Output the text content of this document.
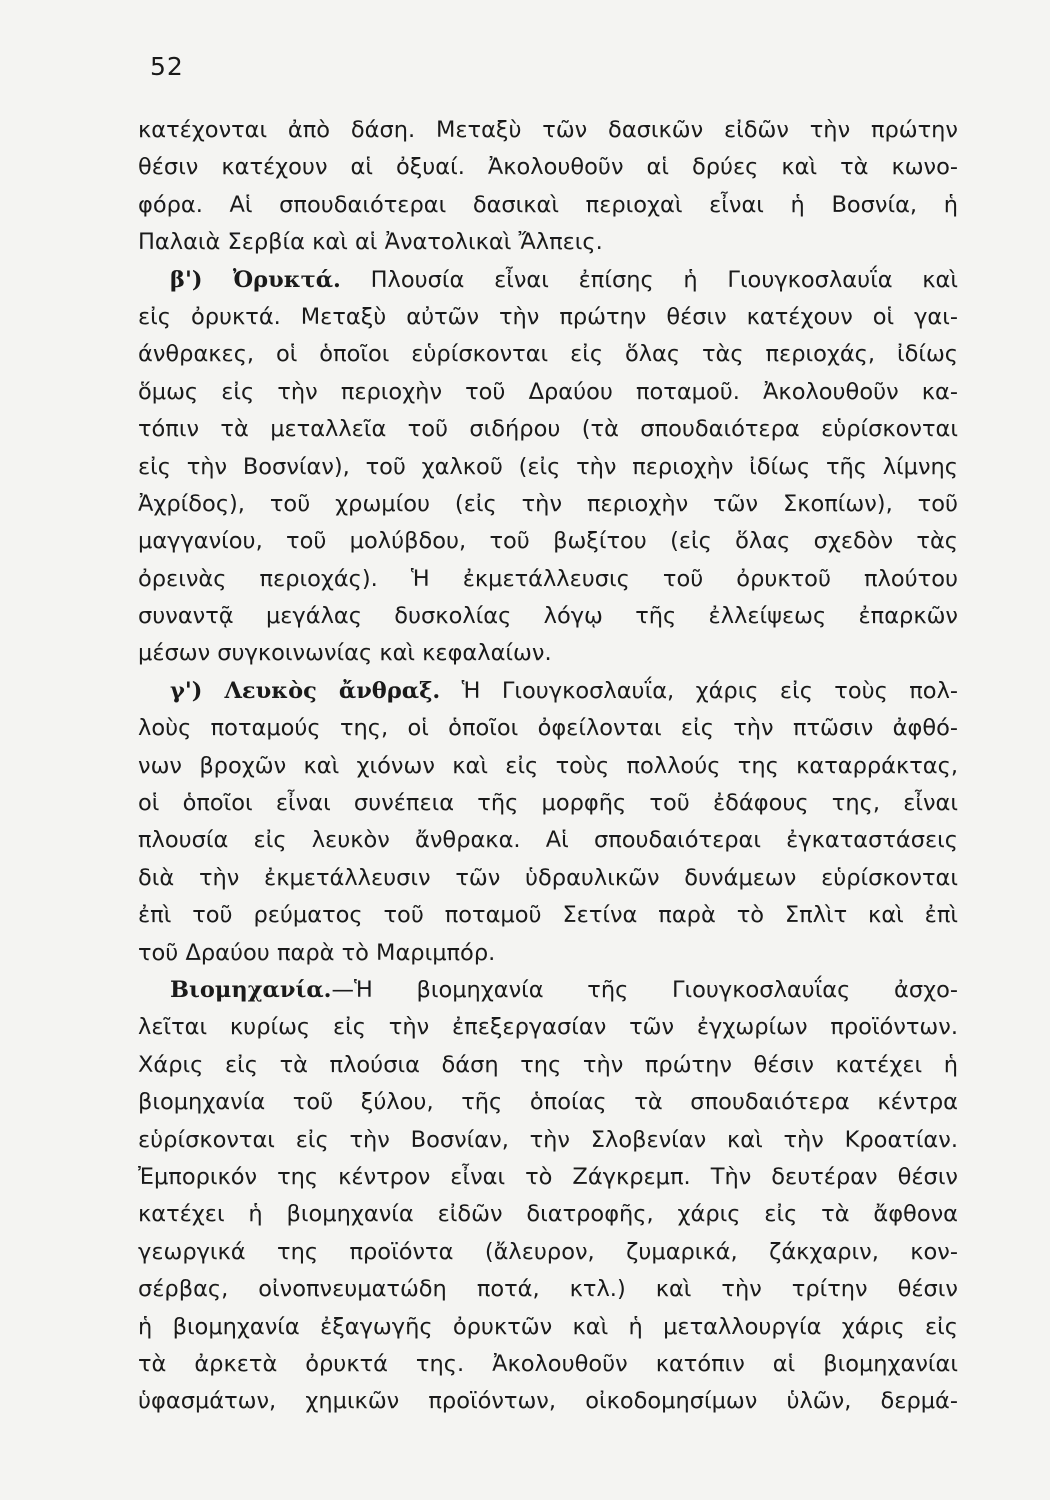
52
κατέχονται ἀπὸ δάση. Μεταξὺ τῶν δασικῶν εἰδῶν τὴν πρώτην
θέσιν κατέχουν αἱ ὀξυαί. Ἀκολουθοῦν αἱ δρύες καὶ τὰ κωνο-
φόρα. Αἱ σπουδαιότεραι δασικαὶ περιοχαὶ εἶναι ἡ Βοσνία, ἡ
Παλαιὰ Σερβία καὶ αἱ Ἀνατολικαὶ Ἄλπεις.
β') Ὀρυκτά. Πλουσία εἶναι ἐπίσης ἡ Γιουγκοσλαυΐα καὶ
εἰς ὀρυκτά. Μεταξὺ αὐτῶν τὴν πρώτην θέσιν κατέχουν οἱ γαι-
άνθρακες, οἱ ὁποῖοι εὑρίσκονται εἰς ὅλας τὰς περιοχάς, ἰδίως
ὅμως εἰς τὴν περιοχὴν τοῦ Δραύου ποταμοῦ. Ἀκολουθοῦν κα-
τόπιν τὰ μεταλλεῖα τοῦ σιδήρου (τὰ σπουδαιότερα εὑρίσκονται
εἰς τὴν Βοσνίαν), τοῦ χαλκοῦ (εἰς τὴν περιοχὴν ἰδίως τῆς λίμνης
Ἀχρίδος), τοῦ χρωμίου (εἰς τὴν περιοχὴν τῶν Σκοπίων), τοῦ
μαγγανίου, τοῦ μολύβδου, τοῦ βωξίτου (εἰς ὅλας σχεδὸν τὰς
ὀρεινὰς περιοχάς). Ἡ ἐκμετάλλευσις τοῦ ὀρυκτοῦ πλούτου
συναντᾷ μεγάλας δυσκολίας λόγῳ τῆς ἐλλείψεως ἐπαρκῶν
μέσων συγκοινωνίας καὶ κεφαλαίων.
γ') Λευκὸς ἄνθραξ. Ἡ Γιουγκοσλαυΐα, χάρις εἰς τοὺς πολ-
λοὺς ποταμούς της, οἱ ὁποῖοι ὀφείλονται εἰς τὴν πτῶσιν ἀφθό-
νων βροχῶν καὶ χιόνων καὶ εἰς τοὺς πολλούς της καταρράκτας,
οἱ ὁποῖοι εἶναι συνέπεια τῆς μορφῆς τοῦ ἐδάφους της, εἶναι
πλουσία εἰς λευκὸν ἄνθρακα. Αἱ σπουδαιότεραι ἐγκαταστάσεις
διὰ τὴν ἐκμετάλλευσιν τῶν ὑδραυλικῶν δυνάμεων εὑρίσκονται
ἐπὶ τοῦ ρεύματος τοῦ ποταμοῦ Σετίνα παρὰ τὸ Σπλὶτ καὶ ἐπὶ
τοῦ Δραύου παρὰ τὸ Μαριμπόρ.
Βιομηχανία.—Ἡ βιομηχανία τῆς Γιουγκοσλαυΐας ἀσχο-
λεῖται κυρίως εἰς τὴν ἐπεξεργασίαν τῶν ἐγχωρίων προϊόντων.
Χάρις εἰς τὰ πλούσια δάση της τὴν πρώτην θέσιν κατέχει ἡ
βιομηχανία τοῦ ξύλου, τῆς ὁποίας τὰ σπουδαιότερα κέντρα
εὑρίσκονται εἰς τὴν Βοσνίαν, τὴν Σλοβενίαν καὶ τὴν Κροατίαν.
Ἐμπορικόν της κέντρον εἶναι τὸ Ζάγκρεμπ. Τὴν δευτέραν θέσιν
κατέχει ἡ βιομηχανία εἰδῶν διατροφῆς, χάρις εἰς τὰ ἄφθονα
γεωργικά της προϊόντα (ἄλευρον, ζυμαρικά, ζάκχαριν, κον-
σέρβας, οἰνοπνευματώδη ποτά, κτλ.) καὶ τὴν τρίτην θέσιν
ἡ βιομηχανία ἐξαγωγῆς ὀρυκτῶν καὶ ἡ μεταλλουργία χάρις εἰς
τὰ ἀρκετὰ ὀρυκτά της. Ἀκολουθοῦν κατόπιν αἱ βιομηχανίαι
ὑφασμάτων, χημικῶν προϊόντων, οἰκοδομησίμων ὑλῶν, δερμά-
